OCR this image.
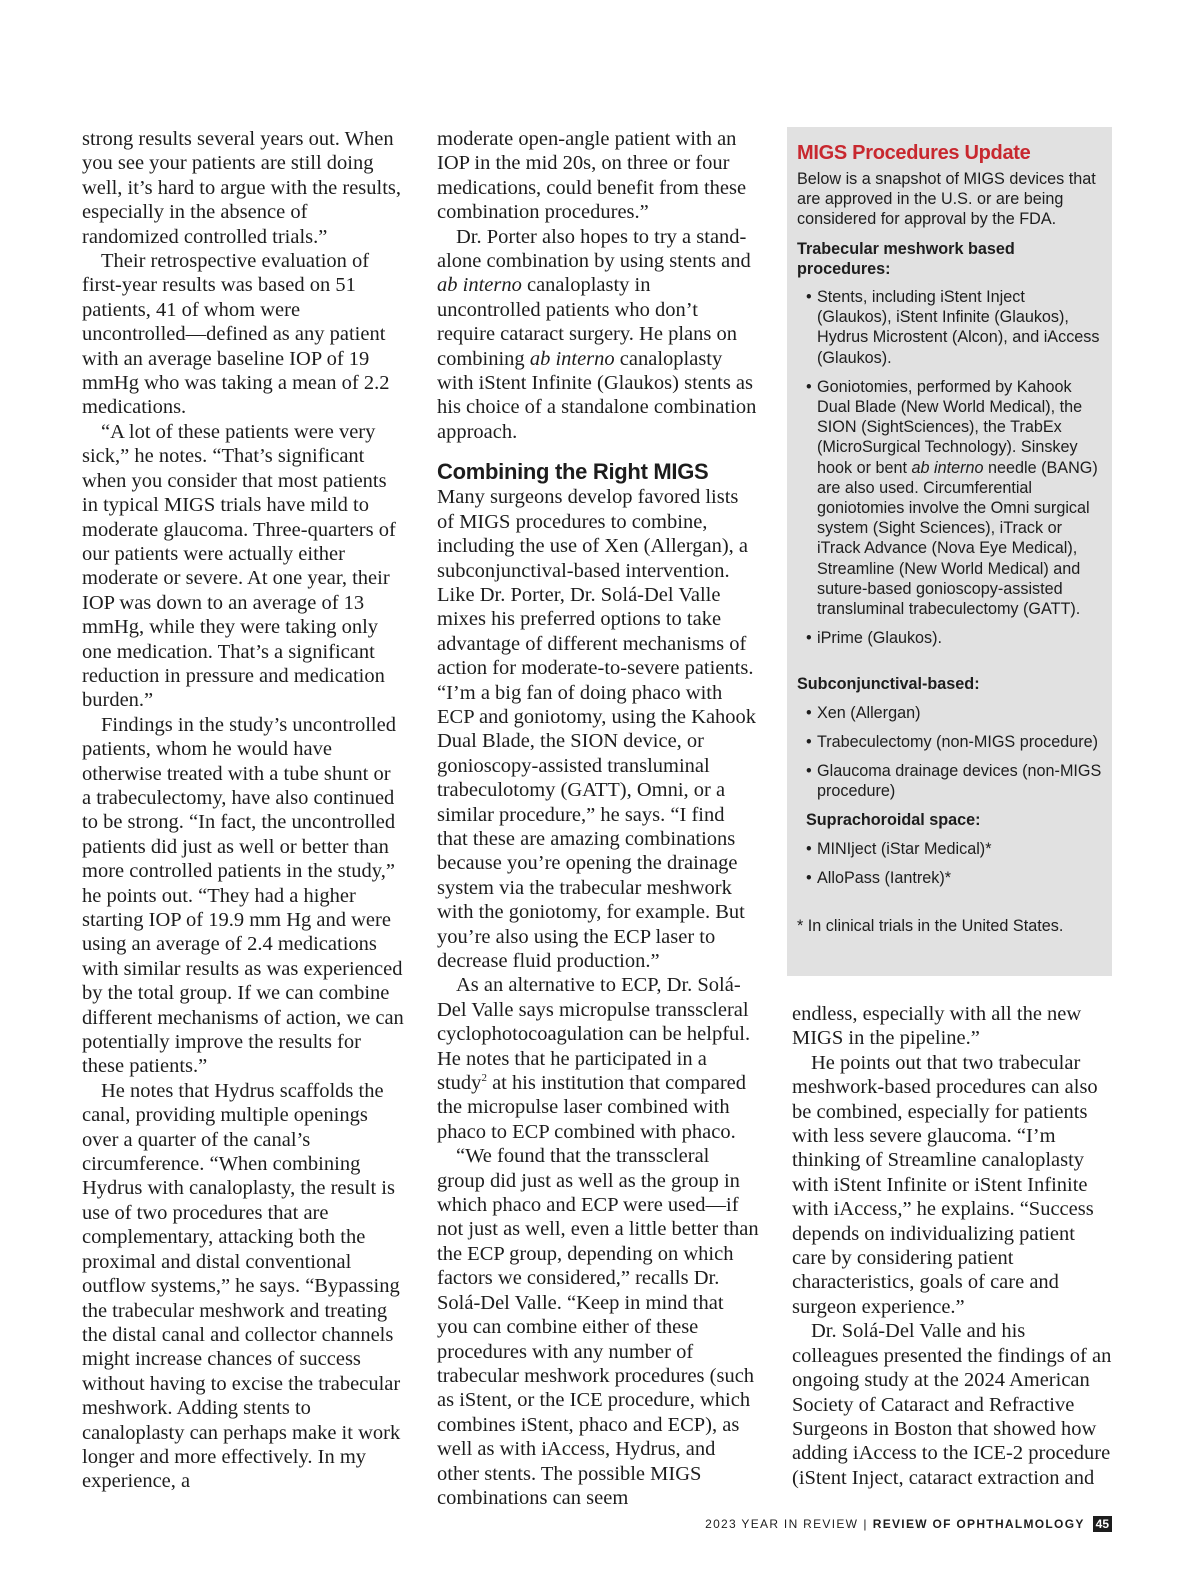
strong results several years out. When you see your patients are still doing well, it’s hard to argue with the results, especially in the absence of randomized controlled trials.”

Their retrospective evaluation of first-year results was based on 51 patients, 41 of whom were uncontrolled—defined as any patient with an average baseline IOP of 19 mmHg who was taking a mean of 2.2 medications.

“A lot of these patients were very sick,” he notes. “That’s significant when you consider that most patients in typical MIGS trials have mild to moderate glaucoma. Three-quarters of our patients were actually either moderate or severe. At one year, their IOP was down to an average of 13 mmHg, while they were taking only one medication. That’s a significant reduction in pressure and medication burden.”

Findings in the study’s uncontrolled patients, whom he would have otherwise treated with a tube shunt or a trabeculectomy, have also continued to be strong. “In fact, the uncontrolled patients did just as well or better than more controlled patients in the study,” he points out. “They had a higher starting IOP of 19.9 mm Hg and were using an average of 2.4 medications with similar results as was experienced by the total group. If we can combine different mechanisms of action, we can potentially improve the results for these patients.”

He notes that Hydrus scaffolds the canal, providing multiple openings over a quarter of the canal’s circumference. “When combining Hydrus with canaloplasty, the result is use of two procedures that are complementary, attacking both the proximal and distal conventional outflow systems,” he says. “Bypassing the trabecular meshwork and treating the distal canal and collector channels might increase chances of success without having to excise the trabecular meshwork. Adding stents to canaloplasty can perhaps make it work longer and more effectively. In my experience, a

moderate open-angle patient with an IOP in the mid 20s, on three or four medications, could benefit from these combination procedures.”

Dr. Porter also hopes to try a stand-alone combination by using stents and ab interno canaloplasty in uncontrolled patients who don’t require cataract surgery. He plans on combining ab interno canaloplasty with iStent Infinite (Glaukos) stents as his choice of a standalone combination approach.

Combining the Right MIGS

Many surgeons develop favored lists of MIGS procedures to combine, including the use of Xen (Allergan), a subconjunctival-based intervention. Like Dr. Porter, Dr. Solá-Del Valle mixes his preferred options to take advantage of different mechanisms of action for moderate-to-severe patients. “I’m a big fan of doing phaco with ECP and goniotomy, using the Kahook Dual Blade, the SION device, or gonioscopy-assisted transluminal trabeculotomy (GATT), Omni, or a similar procedure,” he says. “I find that these are amazing combinations because you’re opening the drainage system via the trabecular meshwork with the goniotomy, for example. But you’re also using the ECP laser to decrease fluid production.”

As an alternative to ECP, Dr. Solá-Del Valle says micropulse transscleral cyclophotocoagulation can be helpful. He notes that he participated in a study$^2$ at his institution that compared the micropulse laser combined with phaco to ECP combined with phaco.

“We found that the transscleral group did just as well as the group in which phaco and ECP were used—if not just as well, even a little better than the ECP group, depending on which factors we considered,” recalls Dr. Solá-Del Valle. “Keep in mind that you can combine either of these procedures with any number of trabecular meshwork procedures (such as iStent, or the ICE procedure, which combines iStent, phaco and ECP), as well as with iAccess, Hydrus, and other stents. The possible MIGS combinations can seem

MIGS Procedures Update
Below is a snapshot of MIGS devices that are approved in the U.S. or are being considered for approval by the FDA.
Trabecular meshwork based procedures:
• Stents, including iStent Inject (Glaukos), iStent Infinite (Glaukos), Hydrus Microstent (Alcon), and iAccess (Glaukos).
• Goniotomies, performed by Kahook Dual Blade (New World Medical), the SION (SightSciences), the TrabEx (MicroSurgical Technology). Sinskey hook or bent ab interno needle (BANG) are also used. Circumferential goniotomies involve the Omni surgical system (Sight Sciences), iTrack or iTrack Advance (Nova Eye Medical), Streamline (New World Medical) and suture-based gonioscopy-assisted transluminal trabeculectomy (GATT).
• iPrime (Glaukos).
Subconjunctival-based:
• Xen (Allergan)
• Trabeculectomy (non-MIGS procedure)
• Glaucoma drainage devices (non-MIGS procedure)
Suprachoroidal space:
• MINIject (iStar Medical)*
• AlloPass (Iantrek)*
* In clinical trials in the United States.

endless, especially with all the new MIGS in the pipeline.”

He points out that two trabecular meshwork-based procedures can also be combined, especially for patients with less severe glaucoma. “I’m thinking of Streamline canaloplasty with iStent Infinite or iStent Infinite with iAccess,” he explains. “Success depends on individualizing patient care by considering patient characteristics, goals of care and surgeon experience.”

Dr. Solá-Del Valle and his colleagues presented the findings of an ongoing study at the 2024 American Society of Cataract and Refractive Surgeons in Boston that showed how adding iAccess to the ICE-2 procedure (iStent Inject, cataract extraction and

2023 YEAR IN REVIEW | REVIEW OF OPHTHALMOLOGY 45
